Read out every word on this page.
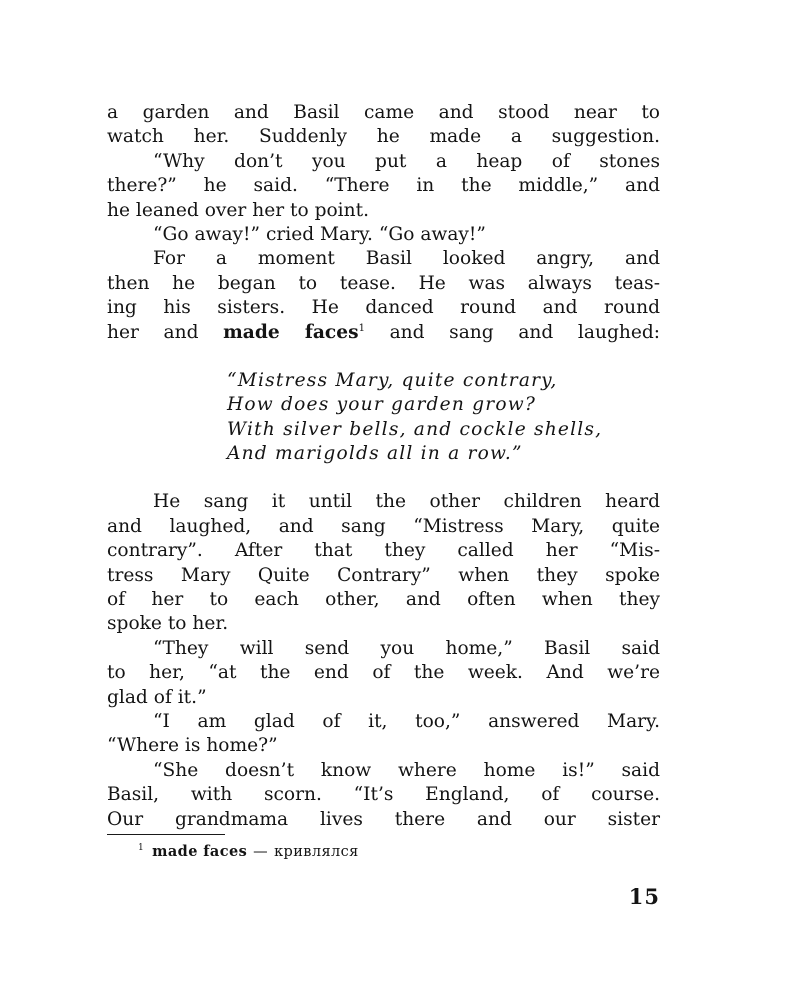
a garden and Basil came and stood near to
watch her. Suddenly he made a suggestion.
“Why don’t you put a heap of stones
there?” he said. “There in the middle,” and
he leaned over her to point.
“Go away!” cried Mary. “Go away!”
For a moment Basil looked angry, and
then he began to tease. He was always teas-
ing his sisters. He danced round and round
her and made faces$^1$ and sang and laughed:
“Mistress Mary, quite contrary,
How does your garden grow?
With silver bells, and cockle shells,
And marigolds all in a row.”
He sang it until the other children heard
and laughed, and sang “Mistress Mary, quite
contrary”. After that they called her “Mis-
tress Mary Quite Contrary” when they spoke
of her to each other, and often when they
spoke to her.
“They will send you home,” Basil said
to her, “at the end of the week. And we’re
glad of it.”
“I am glad of it, too,” answered Mary.
“Where is home?”
“She doesn’t know where home is!” said
Basil, with scorn. “It’s England, of course.
Our grandmama lives there and our sister
$^1$ made faces — кривлялся
15
